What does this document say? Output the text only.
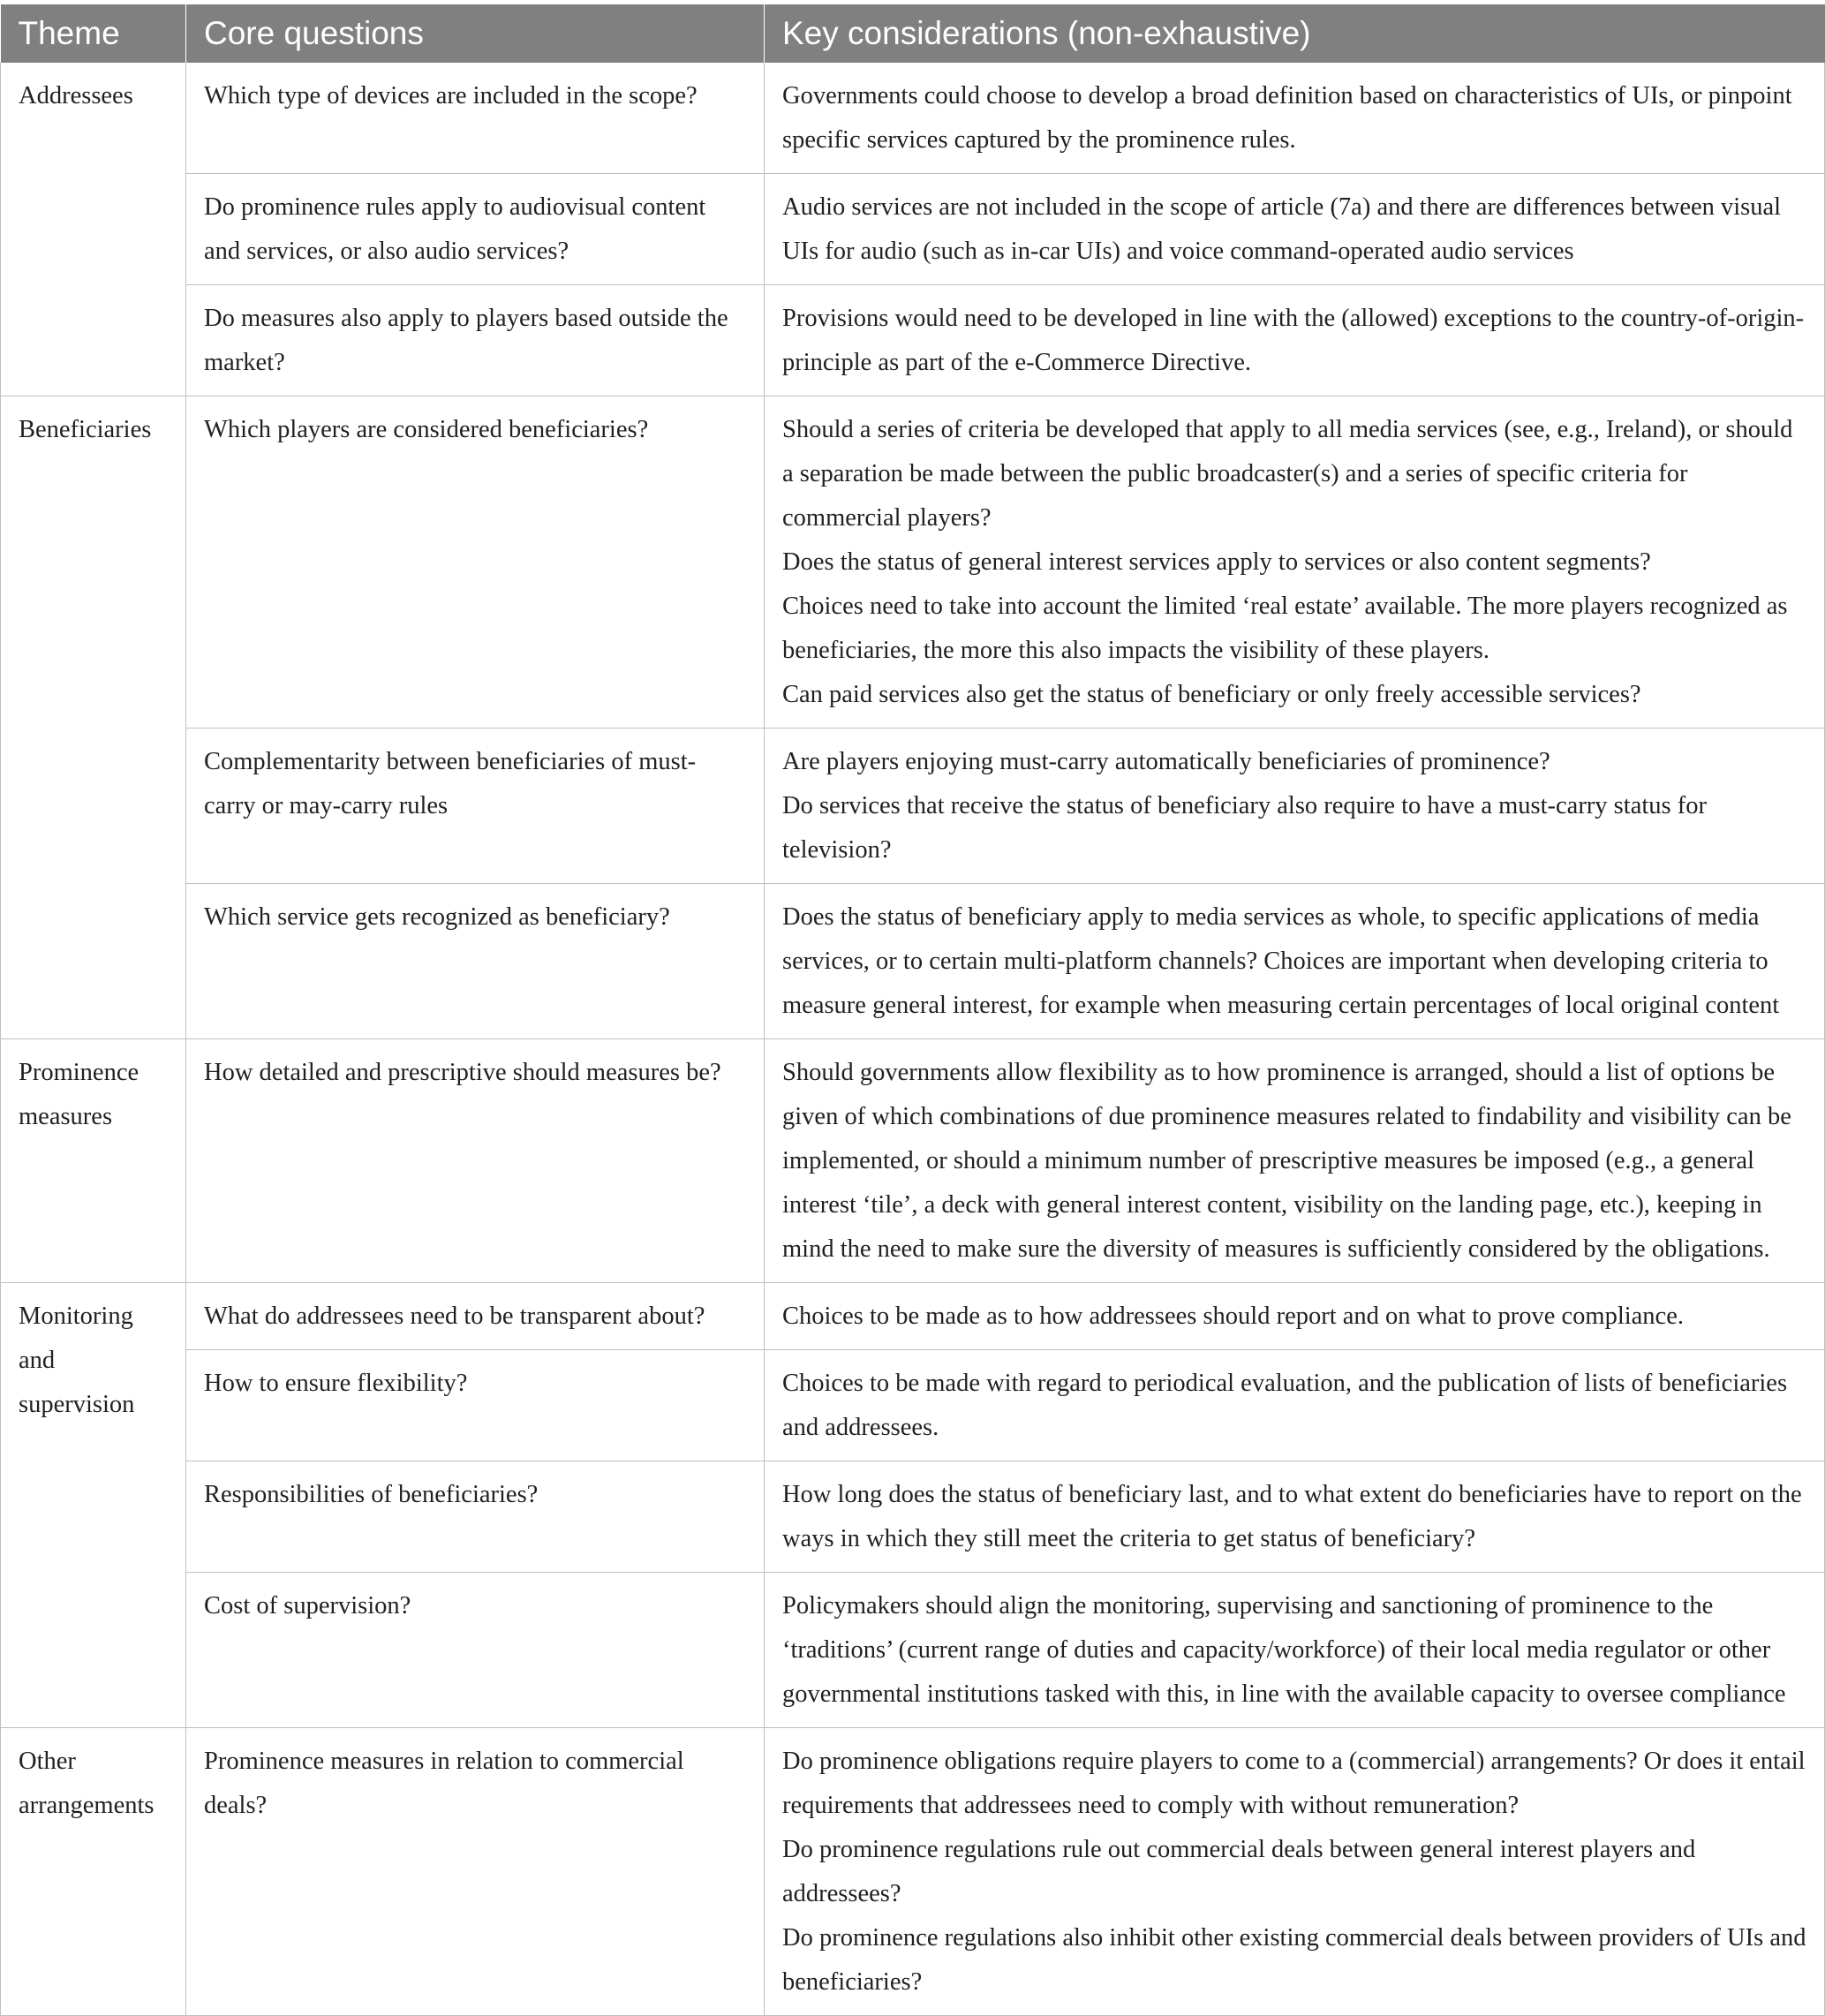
Theme	Core questions	Key considerations (non-exhaustive)
Addressees	Which type of devices are included in the scope?	Governments could choose to develop a broad definition based on characteristics of UIs, or pinpoint specific services captured by the prominence rules.

	Do prominence rules apply to audiovisual content and services, or also audio services?	Audio services are not included in the scope of article (7a) and there are differences between visual UIs for audio (such as in-car UIs) and voice command-operated audio services

	Do measures also apply to players based outside the market?	Provisions would need to be developed in line with the (allowed) exceptions to the country-of-origin-principle as part of the e-Commerce Directive.

Beneficiaries	Which players are considered beneficiaries?	Should a series of criteria be developed that apply to all media services (see, e.g., Ireland), or should a separation be made between the public broadcaster(s) and a series of specific criteria for commercial players?
Does the status of general interest services apply to services or also content segments?
Choices need to take into account the limited ‘real estate’ available. The more players recognized as beneficiaries, the more this also impacts the visibility of these players.
Can paid services also get the status of beneficiary or only freely accessible services?

	Complementarity between beneficiaries of must-carry or may-carry rules	Are players enjoying must-carry automatically beneficiaries of prominence?
Do services that receive the status of beneficiary also require to have a must-carry status for television?

	Which service gets recognized as beneficiary?	Does the status of beneficiary apply to media services as whole, to specific applications of media services, or to certain multi-platform channels? Choices are important when developing criteria to measure general interest, for example when measuring certain percentages of local original content

Prominence measures	How detailed and prescriptive should measures be?	Should governments allow flexibility as to how prominence is arranged, should a list of options be given of which combinations of due prominence measures related to findability and visibility can be implemented, or should a minimum number of prescriptive measures be imposed (e.g., a general interest ‘tile’, a deck with general interest content, visibility on the landing page, etc.), keeping in mind the need to make sure the diversity of measures is sufficiently considered by the obligations.

Monitoring and supervision	What do addressees need to be transparent about?	Choices to be made as to how addressees should report and on what to prove compliance.

	How to ensure flexibility?	Choices to be made with regard to periodical evaluation, and the publication of lists of beneficiaries and addressees.

	Responsibilities of beneficiaries?	How long does the status of beneficiary last, and to what extent do beneficiaries have to report on the ways in which they still meet the criteria to get status of beneficiary?

	Cost of supervision?	Policymakers should align the monitoring, supervising and sanctioning of prominence to the ‘traditions’ (current range of duties and capacity/workforce) of their local media regulator or other governmental institutions tasked with this, in line with the available capacity to oversee compliance

Other arrangements	Prominence measures in relation to commercial deals?	Do prominence obligations require players to come to a (commercial) arrangements? Or does it entail requirements that addressees need to comply with without remuneration?
Do prominence regulations rule out commercial deals between general interest players and addressees?
Do prominence regulations also inhibit other existing commercial deals between providers of UIs and beneficiaries?
